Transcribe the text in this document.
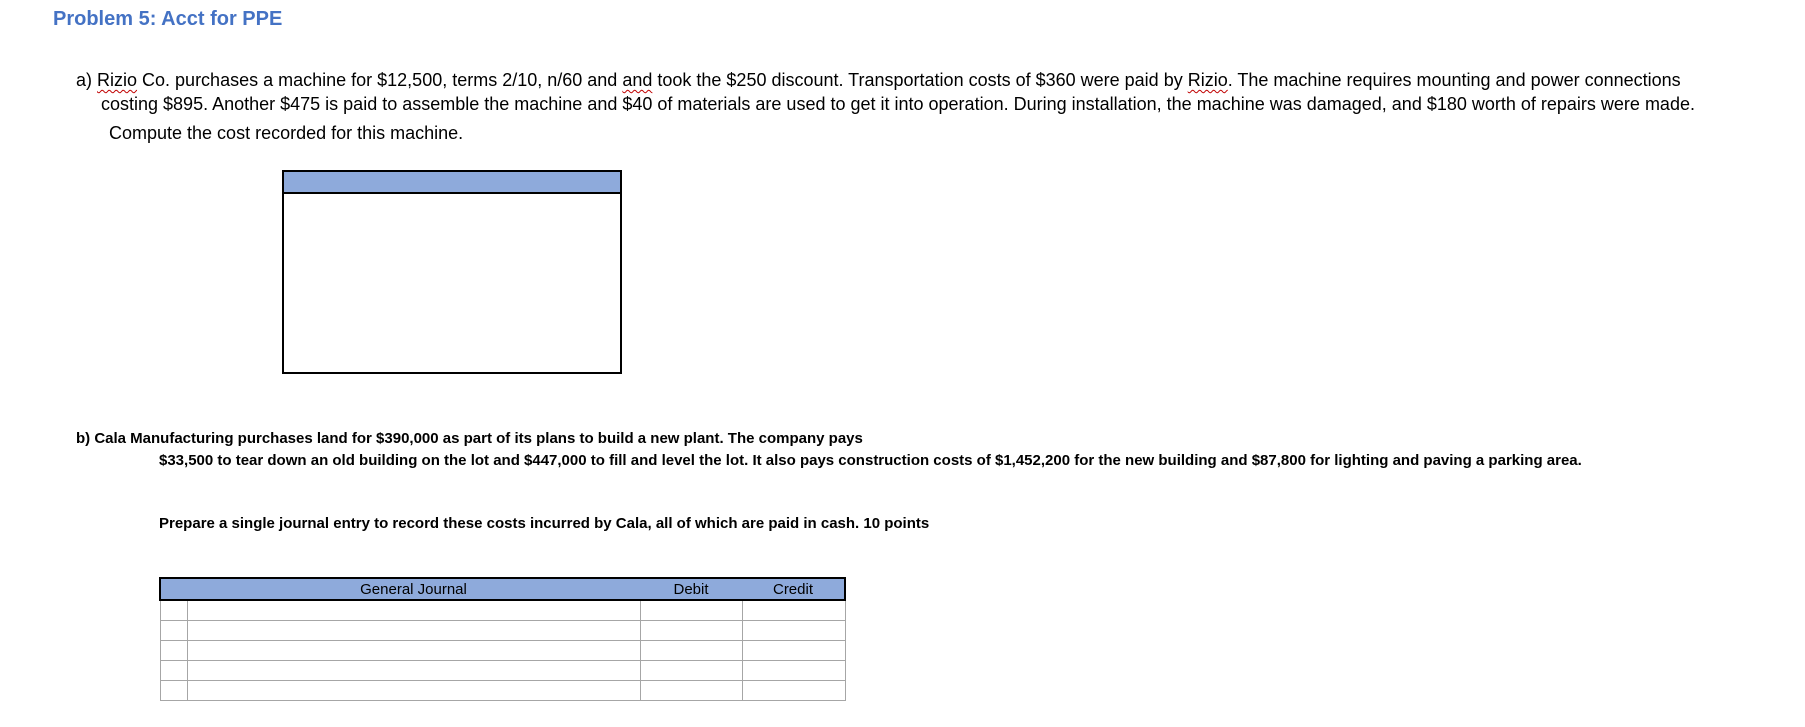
Problem 5: Acct for PPE
a) Rizio Co. purchases a machine for $12,500, terms 2/10, n/60 and and took the $250 discount. Transportation costs of $360 were paid by Rizio. The machine requires mounting and power connections
costing $895. Another $475 is paid to assemble the machine and $40 of materials are used to get it into operation. During installation, the machine was damaged, and $180 worth of repairs were made.
Compute the cost recorded for this machine.
b) Cala Manufacturing purchases land for $390,000 as part of its plans to build a new plant. The company pays
$33,500 to tear down an old building on the lot and $447,000 to fill and level the lot. It also pays construction costs of $1,452,200 for the new building and $87,800 for lighting and paving a parking area.
Prepare a single journal entry to record these costs incurred by Cala, all of which are paid in cash. 10 points
	General Journal	Debit	Credit
